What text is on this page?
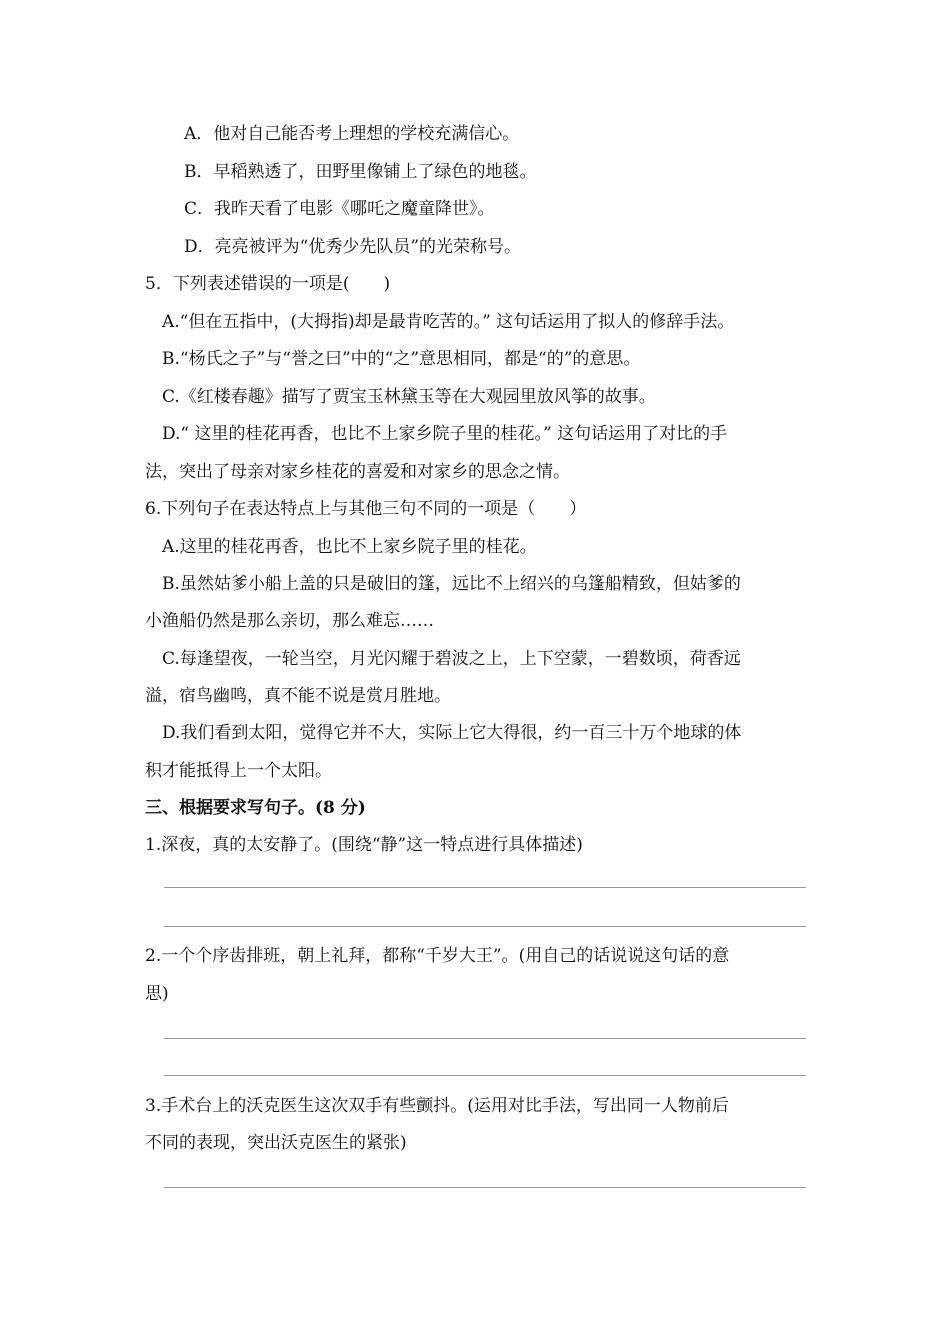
A．他对自己能否考上理想的学校充满信心。
B．早稻熟透了，田野里像铺上了绿色的地毯。
C．我昨天看了电影《哪吒之魔童降世》。
D．亮亮被评为“优秀少先队员”的光荣称号。
5．下列表述错误的一项是(　　)
A.“但在五指中，(大拇指)却是最肯吃苦的。” 这句话运用了拟人的修辞手法。
B.“杨氏之子”与“誉之曰”中的“之”意思相同，都是“的”的意思。
C.《红楼春趣》描写了贾宝玉林黛玉等在大观园里放风筝的故事。
D.“ 这里的桂花再香，也比不上家乡院子里的桂花。” 这句话运用了对比的手
法，突出了母亲对家乡桂花的喜爱和对家乡的思念之情。
6.下列句子在表达特点上与其他三句不同的一项是（　　）
A.这里的桂花再香，也比不上家乡院子里的桂花。
B.虽然姑爹小船上盖的只是破旧的篷，远比不上绍兴的乌篷船精致，但姑爹的
小渔船仍然是那么亲切，那么难忘……
C.每逢望夜，一轮当空，月光闪耀于碧波之上，上下空蒙，一碧数顷，荷香远
溢，宿鸟幽鸣，真不能不说是赏月胜地。
D.我们看到太阳，觉得它并不大，实际上它大得很，约一百三十万个地球的体
积才能抵得上一个太阳。
三、根据要求写句子。(8 分)
1.深夜，真的太安静了。(围绕“静”这一特点进行具体描述)
2.一个个序齿排班，朝上礼拜，都称“千岁大王”。(用自己的话说说这句话的意
思)
3.手术台上的沃克医生这次双手有些颤抖。(运用对比手法，写出同一人物前后
不同的表现，突出沃克医生的紧张)
